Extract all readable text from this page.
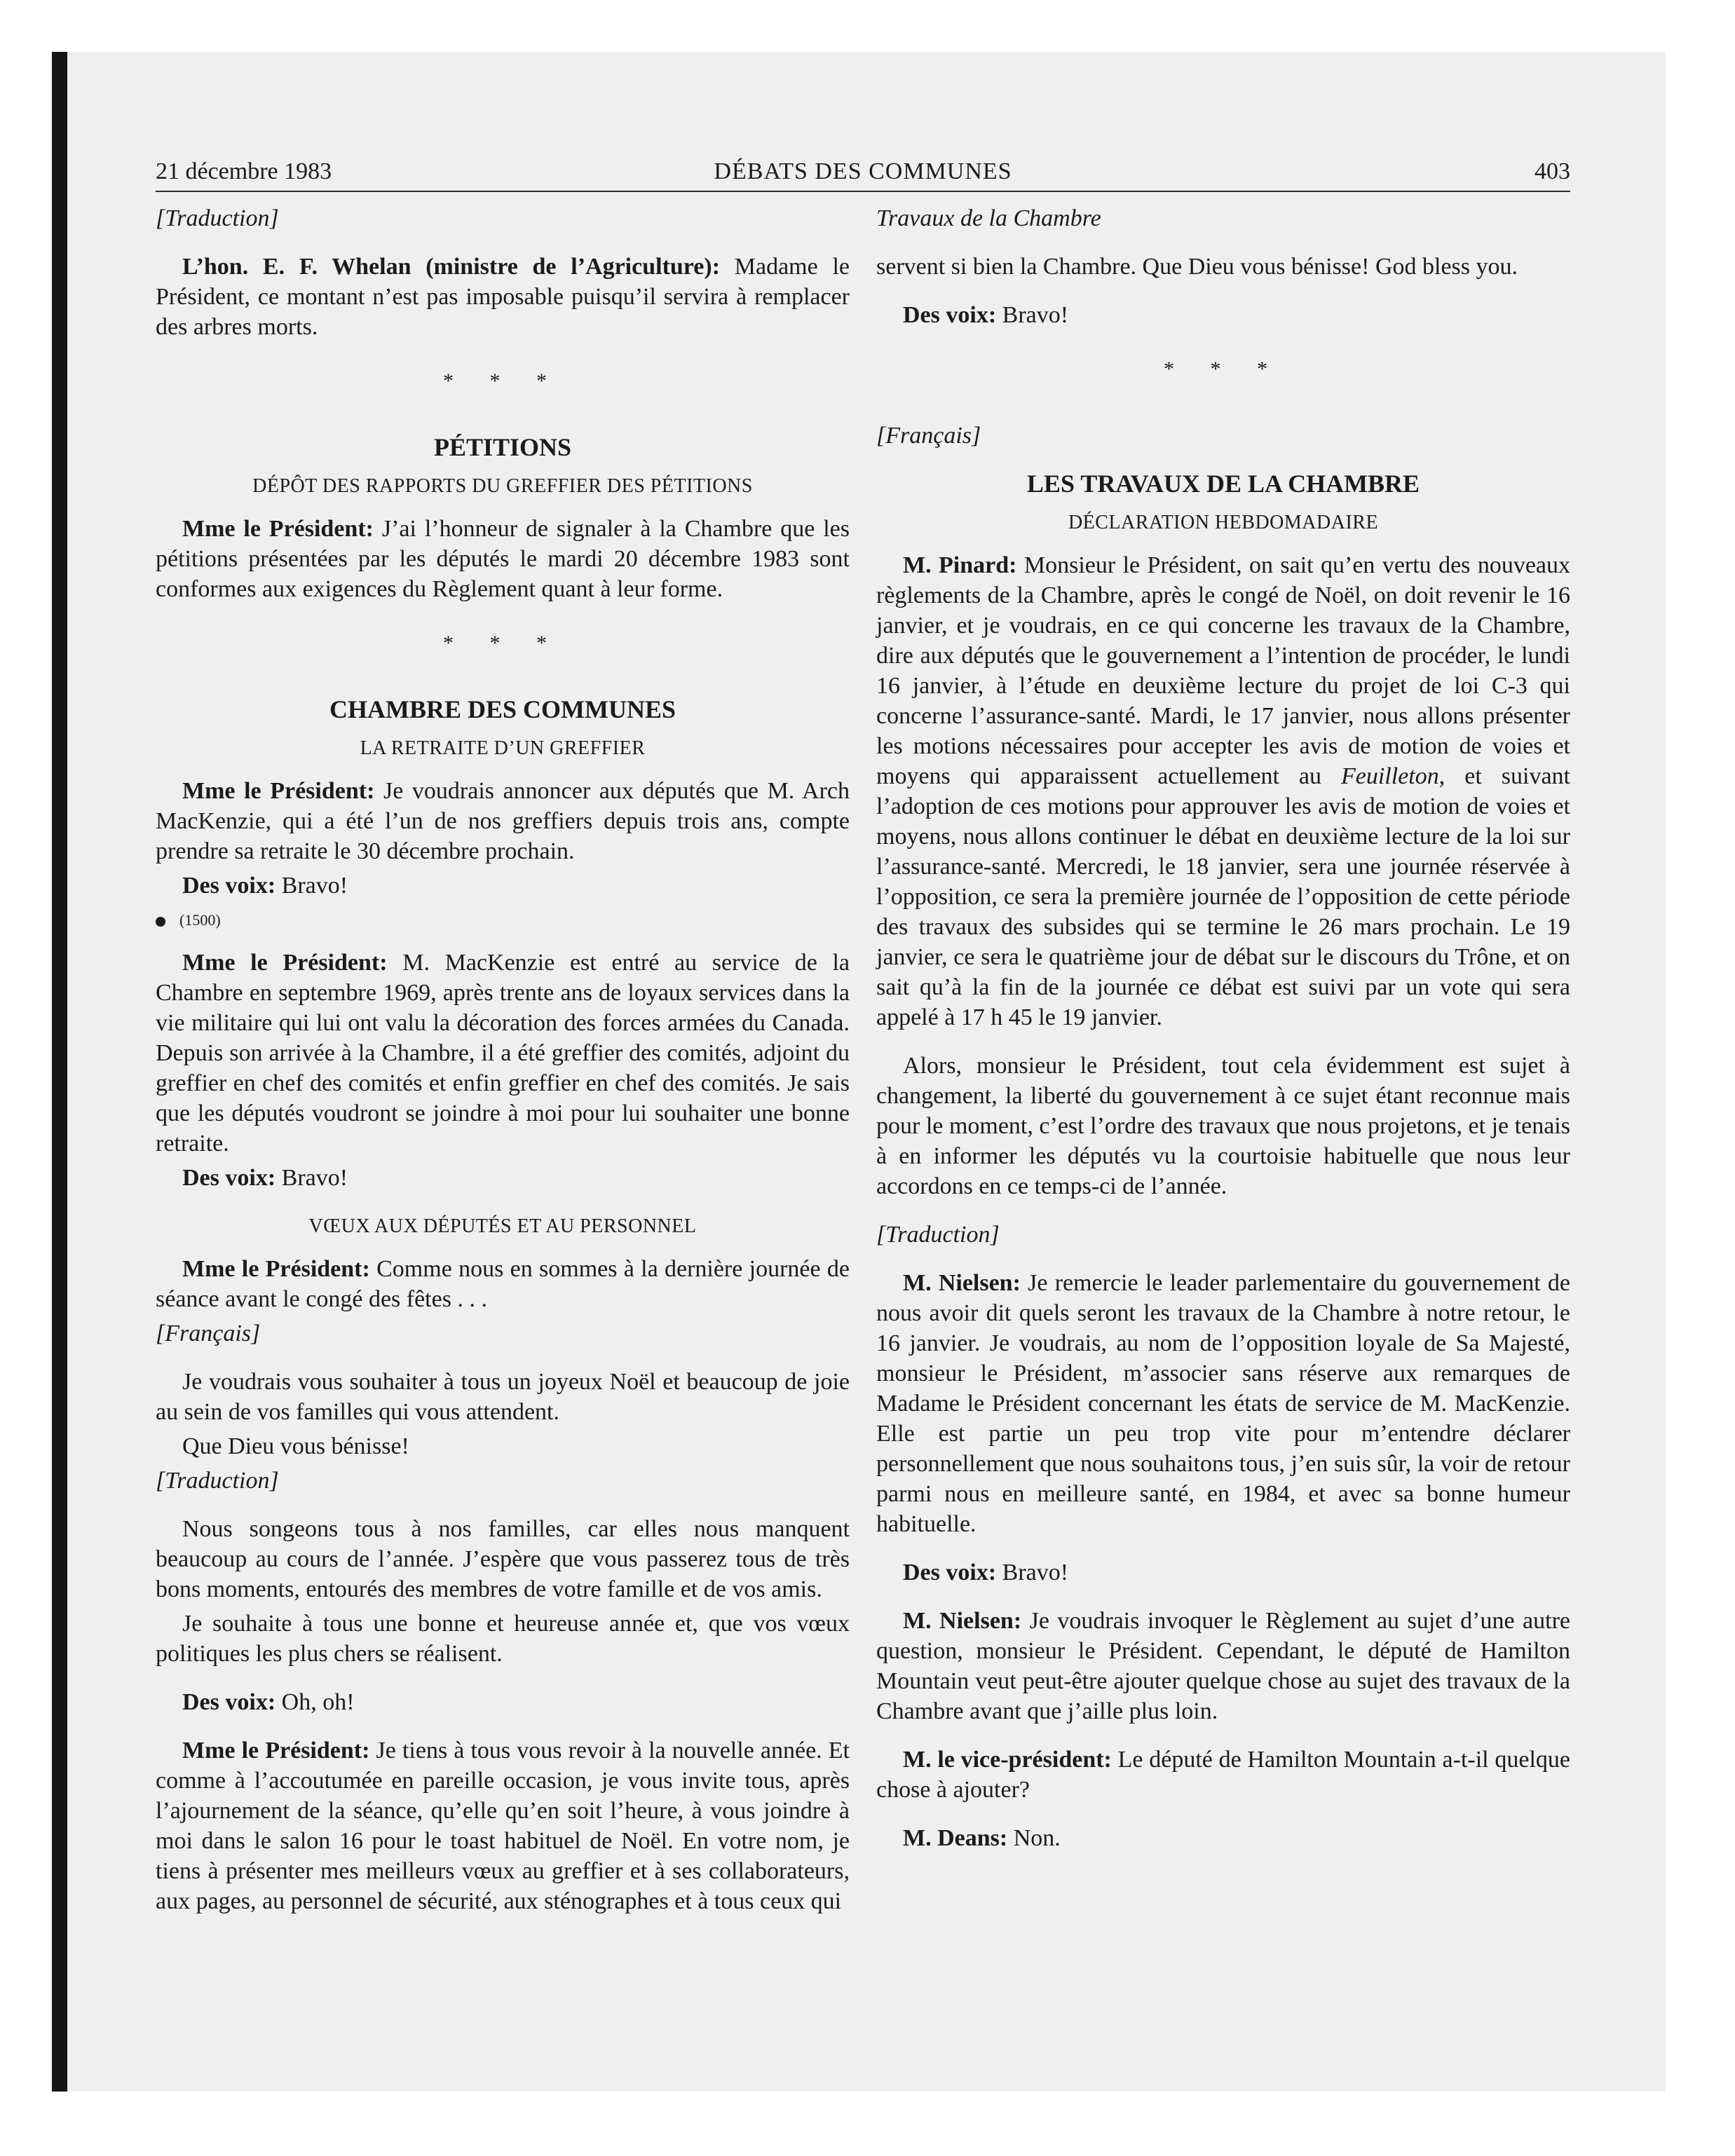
21 décembre 1983	DÉBATS DES COMMUNES	403

[Traduction]

L’hon. E. F. Whelan (ministre de l’Agriculture): Madame le Président, ce montant n’est pas imposable puisqu’il servira à remplacer des arbres morts.

* * *
PÉTITIONS
DÉPÔT DES RAPPORTS DU GREFFIER DES PÉTITIONS

Mme le Président: J’ai l’honneur de signaler à la Chambre que les pétitions présentées par les députés le mardi 20 décembre 1983 sont conformes aux exigences du Règlement quant à leur forme.

* * *
CHAMBRE DES COMMUNES
LA RETRAITE D’UN GREFFIER

Mme le Président: Je voudrais annoncer aux députés que M. Arch MacKenzie, qui a été l’un de nos greffiers depuis trois ans, compte prendre sa retraite le 30 décembre prochain.

Des voix: Bravo!

(1500)

Mme le Président: M. MacKenzie est entré au service de la Chambre en septembre 1969, après trente ans de loyaux services dans la vie militaire qui lui ont valu la décoration des forces armées du Canada. Depuis son arrivée à la Chambre, il a été greffier des comités, adjoint du greffier en chef des comités et enfin greffier en chef des comités. Je sais que les députés voudront se joindre à moi pour lui souhaiter une bonne retraite.

Des voix: Bravo!

VŒUX AUX DÉPUTÉS ET AU PERSONNEL

Mme le Président: Comme nous en sommes à la dernière journée de séance avant le congé des fêtes . . .

[Français]

Je voudrais vous souhaiter à tous un joyeux Noël et beaucoup de joie au sein de vos familles qui vous attendent.

Que Dieu vous bénisse!

[Traduction]

Nous songeons tous à nos familles, car elles nous manquent beaucoup au cours de l’année. J’espère que vous passerez tous de très bons moments, entourés des membres de votre famille et de vos amis.

Je souhaite à tous une bonne et heureuse année et, que vos vœux politiques les plus chers se réalisent.

Des voix: Oh, oh!

Mme le Président: Je tiens à tous vous revoir à la nouvelle année. Et comme à l’accoutumée en pareille occasion, je vous invite tous, après l’ajournement de la séance, qu’elle qu’en soit l’heure, à vous joindre à moi dans le salon 16 pour le toast habituel de Noël. En votre nom, je tiens à présenter mes meilleurs vœux au greffier et à ses collaborateurs, aux pages, au personnel de sécurité, aux sténographes et à tous ceux qui

Travaux de la Chambre

servent si bien la Chambre. Que Dieu vous bénisse! God bless you.

Des voix: Bravo!

* * *

[Français]

LES TRAVAUX DE LA CHAMBRE
DÉCLARATION HEBDOMADAIRE

M. Pinard: Monsieur le Président, on sait qu’en vertu des nouveaux règlements de la Chambre, après le congé de Noël, on doit revenir le 16 janvier, et je voudrais, en ce qui concerne les travaux de la Chambre, dire aux députés que le gouvernement a l’intention de procéder, le lundi 16 janvier, à l’étude en deuxième lecture du projet de loi C-3 qui concerne l’assurance-santé. Mardi, le 17 janvier, nous allons présenter les motions nécessaires pour accepter les avis de motion de voies et moyens qui apparaissent actuellement au Feuilleton, et suivant l’adoption de ces motions pour approuver les avis de motion de voies et moyens, nous allons continuer le débat en deuxième lecture de la loi sur l’assurance-santé. Mercredi, le 18 janvier, sera une journée réservée à l’opposition, ce sera la première journée de l’opposition de cette période des travaux des subsides qui se termine le 26 mars prochain. Le 19 janvier, ce sera le quatrième jour de débat sur le discours du Trône, et on sait qu’à la fin de la journée ce débat est suivi par un vote qui sera appelé à 17 h 45 le 19 janvier.

Alors, monsieur le Président, tout cela évidemment est sujet à changement, la liberté du gouvernement à ce sujet étant reconnue mais pour le moment, c’est l’ordre des travaux que nous projetons, et je tenais à en informer les députés vu la courtoisie habituelle que nous leur accordons en ce temps-ci de l’année.

[Traduction]

M. Nielsen: Je remercie le leader parlementaire du gouvernement de nous avoir dit quels seront les travaux de la Chambre à notre retour, le 16 janvier. Je voudrais, au nom de l’opposition loyale de Sa Majesté, monsieur le Président, m’associer sans réserve aux remarques de Madame le Président concernant les états de service de M. MacKenzie. Elle est partie un peu trop vite pour m’entendre déclarer personnellement que nous souhaitons tous, j’en suis sûr, la voir de retour parmi nous en meilleure santé, en 1984, et avec sa bonne humeur habituelle.

Des voix: Bravo!

M. Nielsen: Je voudrais invoquer le Règlement au sujet d’une autre question, monsieur le Président. Cependant, le député de Hamilton Mountain veut peut-être ajouter quelque chose au sujet des travaux de la Chambre avant que j’aille plus loin.

M. le vice-président: Le député de Hamilton Mountain a-t-il quelque chose à ajouter?

M. Deans: Non.
